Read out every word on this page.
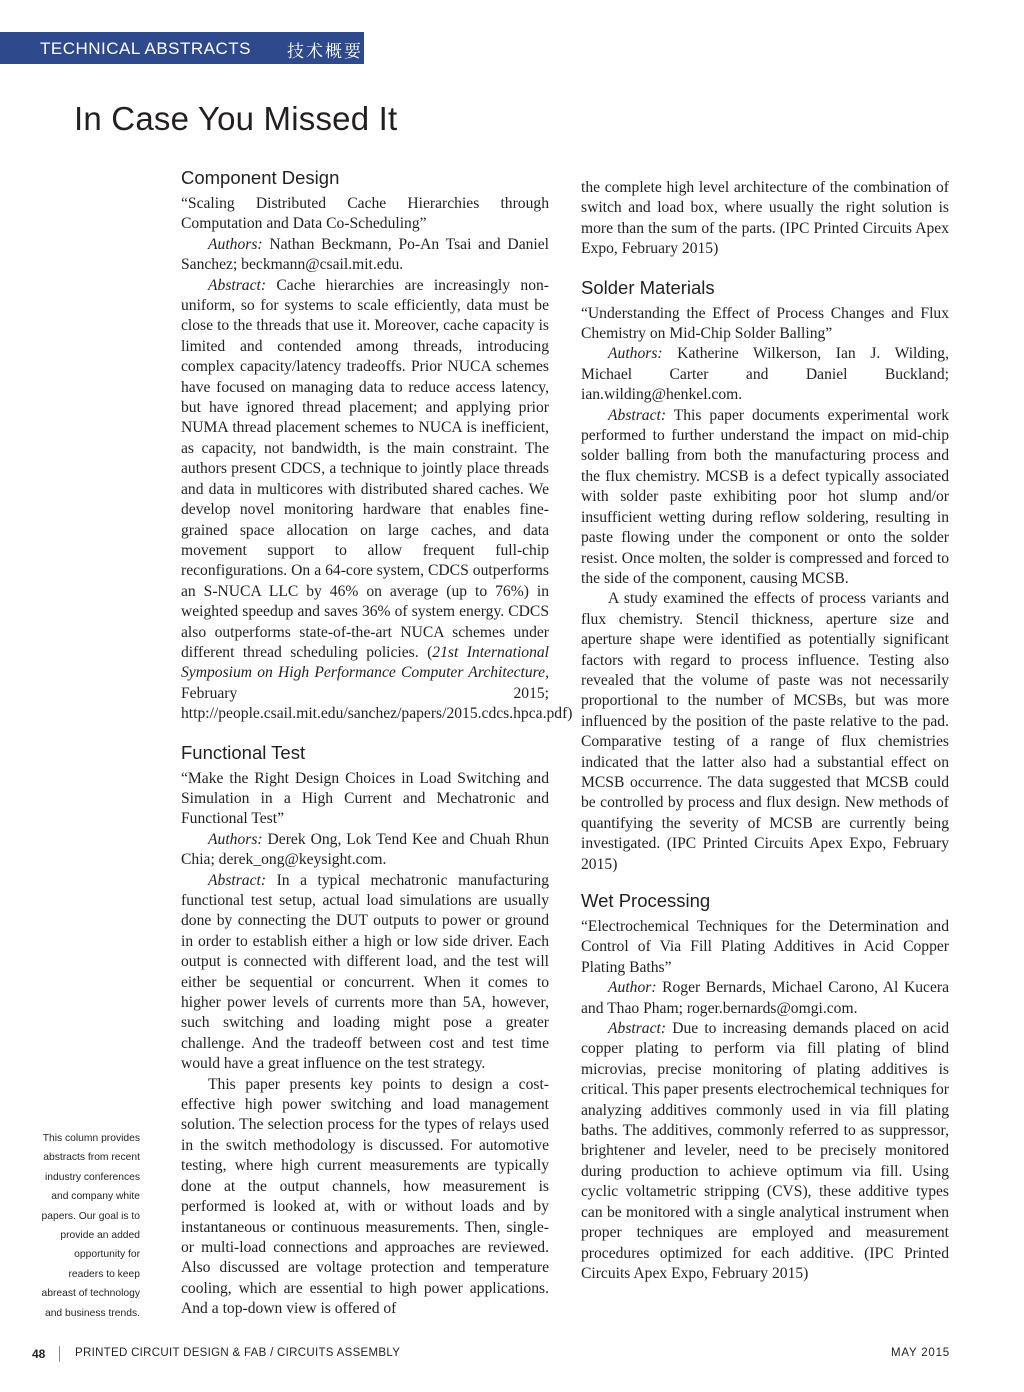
TECHNICAL ABSTRACTS 技术概要
In Case You Missed It
Component Design

“Scaling Distributed Cache Hierarchies through Computation and Data Co-Scheduling”

Authors: Nathan Beckmann, Po-An Tsai and Daniel Sanchez; beckmann@csail.mit.edu.

Abstract: Cache hierarchies are increasingly non-uniform, so for systems to scale efficiently, data must be close to the threads that use it. Moreover, cache capacity is limited and contended among threads, introducing complex capacity/latency tradeoffs. Prior NUCA schemes have focused on managing data to reduce access latency, but have ignored thread placement; and applying prior NUMA thread placement schemes to NUCA is inefficient, as capacity, not bandwidth, is the main constraint. The authors present CDCS, a technique to jointly place threads and data in multicores with distributed shared caches. We develop novel monitoring hardware that enables fine-grained space allocation on large caches, and data movement support to allow frequent full-chip reconfigurations. On a 64-core system, CDCS outperforms an S-NUCA LLC by 46% on average (up to 76%) in weighted speedup and saves 36% of system energy. CDCS also outperforms state-of-the-art NUCA schemes under different thread scheduling policies. (21st International Symposium on High Performance Computer Architecture, February 2015; http://people.csail.mit.edu/sanchez/papers/2015.cdcs.hpca.pdf)

Functional Test

“Make the Right Design Choices in Load Switching and Simulation in a High Current and Mechatronic and Functional Test”

Authors: Derek Ong, Lok Tend Kee and Chuah Rhun Chia; derek_ong@keysight.com.

Abstract: In a typical mechatronic manufacturing functional test setup, actual load simulations are usually done by connecting the DUT outputs to power or ground in order to establish either a high or low side driver. Each output is connected with different load, and the test will either be sequential or concurrent. When it comes to higher power levels of currents more than 5A, however, such switching and loading might pose a greater challenge. And the tradeoff between cost and test time would have a great influence on the test strategy.

This paper presents key points to design a cost-effective high power switching and load management solution. The selection process for the types of relays used in the switch methodology is discussed. For automotive testing, where high current measurements are typically done at the output channels, how measurement is performed is looked at, with or without loads and by instantaneous or continuous measurements. Then, single- or multi-load connections and approaches are reviewed. Also discussed are voltage protection and temperature cooling, which are essential to high power applications. And a top-down view is offered of

the complete high level architecture of the combination of switch and load box, where usually the right solution is more than the sum of the parts. (IPC Printed Circuits Apex Expo, February 2015)

Solder Materials

“Understanding the Effect of Process Changes and Flux Chemistry on Mid-Chip Solder Balling”

Authors: Katherine Wilkerson, Ian J. Wilding, Michael Carter and Daniel Buckland; ian.wilding@henkel.com.

Abstract: This paper documents experimental work performed to further understand the impact on mid-chip solder balling from both the manufacturing process and the flux chemistry. MCSB is a defect typically associated with solder paste exhibiting poor hot slump and/or insufficient wetting during reflow soldering, resulting in paste flowing under the component or onto the solder resist. Once molten, the solder is compressed and forced to the side of the component, causing MCSB.

A study examined the effects of process variants and flux chemistry. Stencil thickness, aperture size and aperture shape were identified as potentially significant factors with regard to process influence. Testing also revealed that the volume of paste was not necessarily proportional to the number of MCSBs, but was more influenced by the position of the paste relative to the pad. Comparative testing of a range of flux chemistries indicated that the latter also had a substantial effect on MCSB occurrence. The data suggested that MCSB could be controlled by process and flux design. New methods of quantifying the severity of MCSB are currently being investigated. (IPC Printed Circuits Apex Expo, February 2015)

Wet Processing

“Electrochemical Techniques for the Determination and Control of Via Fill Plating Additives in Acid Copper Plating Baths”

Author: Roger Bernards, Michael Carono, Al Kucera and Thao Pham; roger.bernards@omgi.com.

Abstract: Due to increasing demands placed on acid copper plating to perform via fill plating of blind microvias, precise monitoring of plating additives is critical. This paper presents electrochemical techniques for analyzing additives commonly used in via fill plating baths. The additives, commonly referred to as suppressor, brightener and leveler, need to be precisely monitored during production to achieve optimum via fill. Using cyclic voltametric stripping (CVS), these additive types can be monitored with a single analytical instrument when proper techniques are employed and measurement procedures optimized for each additive. (IPC Printed Circuits Apex Expo, February 2015)

This column provides abstracts from recent industry conferences and company white papers. Our goal is to provide an added opportunity for readers to keep abreast of technology and business trends.
48	PRINTED CIRCUIT DESIGN & FAB / CIRCUITS ASSEMBLY	MAY 2015
